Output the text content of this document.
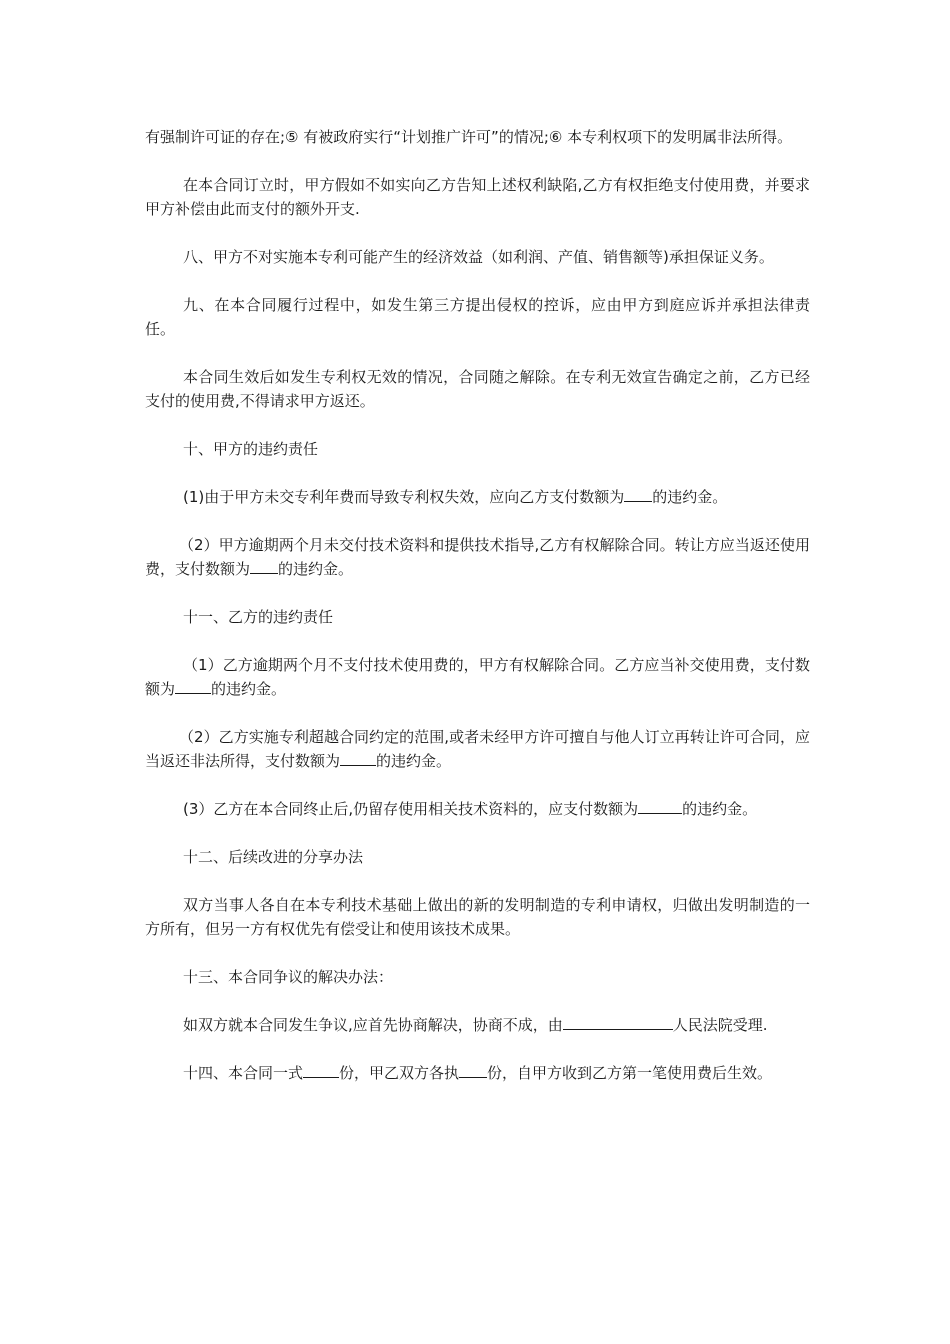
有强制许可证的存在;⑤ 有被政府实行“计划推广许可”的情况;⑥ 本专利权项下的发明属非法所得。

在本合同订立时，甲方假如不如实向乙方告知上述权利缺陷,乙方有权拒绝支付使用费，并要求甲方补偿由此而支付的额外开支.

八、甲方不对实施本专利可能产生的经济效益（如利润、产值、销售额等)承担保证义务。

九、在本合同履行过程中，如发生第三方提出侵权的控诉，应由甲方到庭应诉并承担法律责任。

本合同生效后如发生专利权无效的情况，合同随之解除。在专利无效宣告确定之前，乙方已经支付的使用费,不得请求甲方返还。

十、甲方的违约责任

(1)由于甲方未交专利年费而导致专利权失效，应向乙方支付数额为 的违约金。

（2）甲方逾期两个月未交付技术资料和提供技术指导,乙方有权解除合同。转让方应当返还使用费，支付数额为 的违约金。

十一、乙方的违约责任

（1）乙方逾期两个月不支付技术使用费的，甲方有权解除合同。乙方应当补交使用费，支付数额为 的违约金。

（2）乙方实施专利超越合同约定的范围,或者未经甲方许可擅自与他人订立再转让许可合同，应当返还非法所得，支付数额为 的违约金。

(3）乙方在本合同终止后,仍留存使用相关技术资料的，应支付数额为	的违约金。

十二、后续改进的分享办法

双方当事人各自在本专利技术基础上做出的新的发明制造的专利申请权，归做出发明制造的一方所有，但另一方有权优先有偿受让和使用该技术成果。

十三、本合同争议的解决办法：

如双方就本合同发生争议,应首先协商解决，协商不成，由	人民法院受理.

十四、本合同一式 份，甲乙双方各执 份，自甲方收到乙方第一笔使用费后生效。
